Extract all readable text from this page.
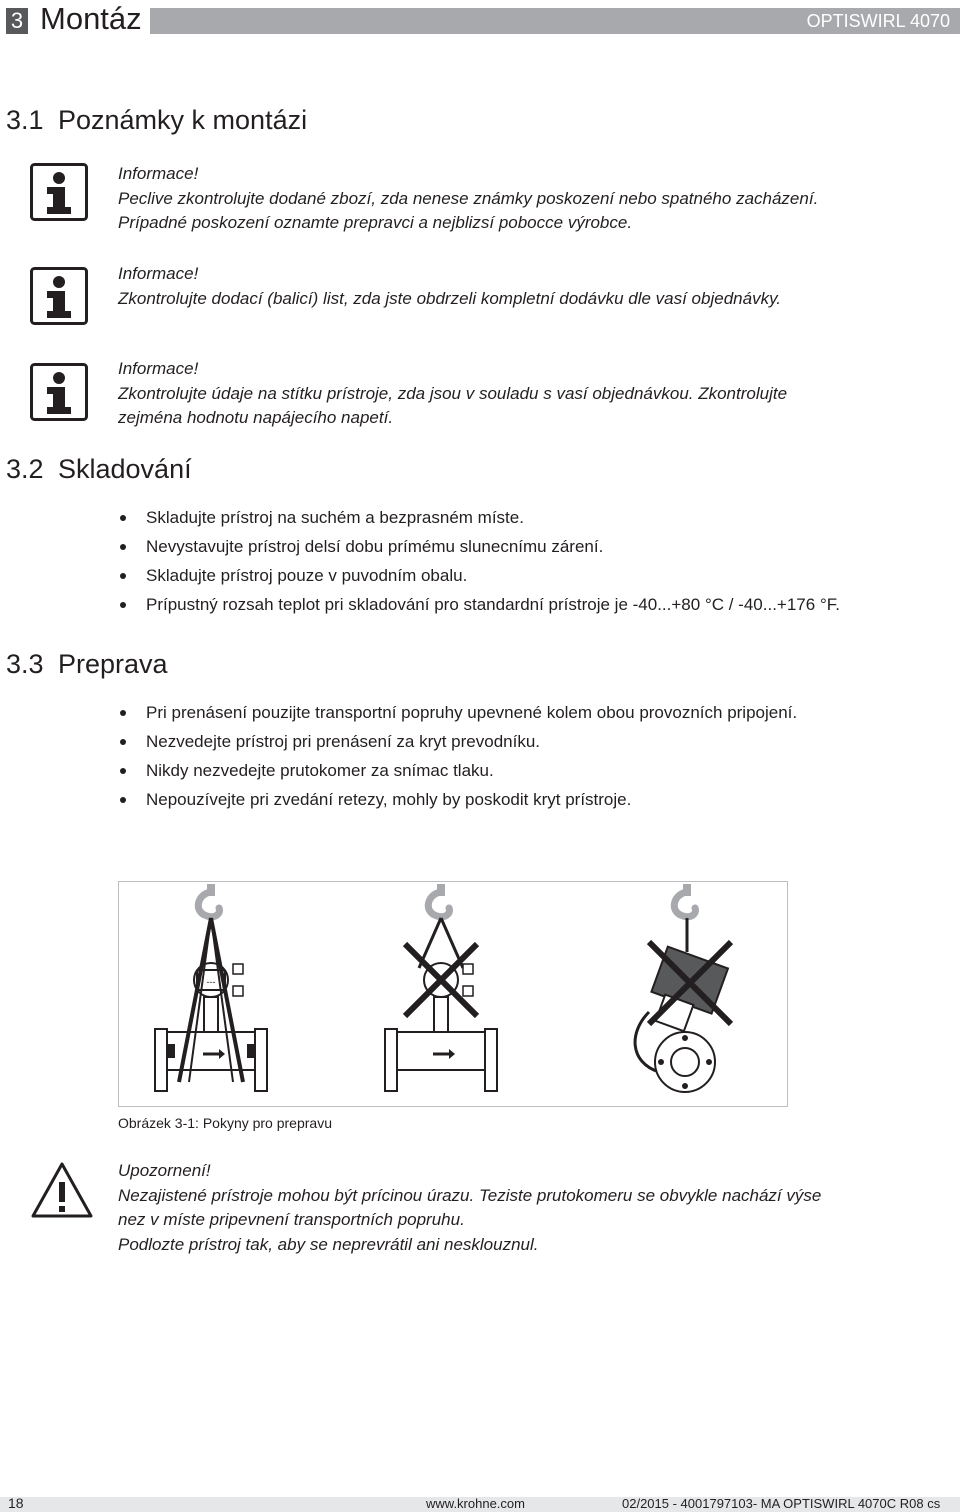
3 Montáz	OPTISWIRL 4070
3.1 Poznámky k montázi
Informace!
Peclive zkontrolujte dodané zbozí, zda nenese známky poskození nebo spatného zacházení.
Prípadné poskození oznamte prepravci a nejblizsí pobocce výrobce.
Informace!
Zkontrolujte dodací (balicí) list, zda jste obdrzeli kompletní dodávku dle vasí objednávky.
Informace!
Zkontrolujte údaje na stítku prístroje, zda jsou v souladu s vasí objednávkou. Zkontrolujte
zejména hodnotu napájecího napetí.
3.2 Skladování
Skladujte prístroj na suchém a bezprasném míste.
Nevystavujte prístroj delsí dobu prímému slunecnímu zárení.
Skladujte prístroj pouze v puvodním obalu.
Prípustný rozsah teplot pri skladování pro standardní prístroje je -40...+80 °C / -40...+176 °F.
3.3 Preprava
Pri prenásení pouzijte transportní popruhy upevnené kolem obou provozních pripojení.
Nezvedejte prístroj pri prenásení za kryt prevodníku.
Nikdy nezvedejte prutokomer za snímac tlaku.
Nepouzívejte pri zvedání retezy, mohly by poskodit kryt prístroje.
---
Obrázek 3-1: Pokyny pro prepravu
Upozornení!
Nezajistené prístroje mohou být prícinou úrazu. Teziste prutokomeru se obvykle nachází výse
nez v míste pripevnení transportních popruhu.
Podlozte prístroj tak, aby se neprevrátil ani nesklouznul.
18	www.krohne.com	02/2015 - 4001797103- MA OPTISWIRL 4070C R08 cs
